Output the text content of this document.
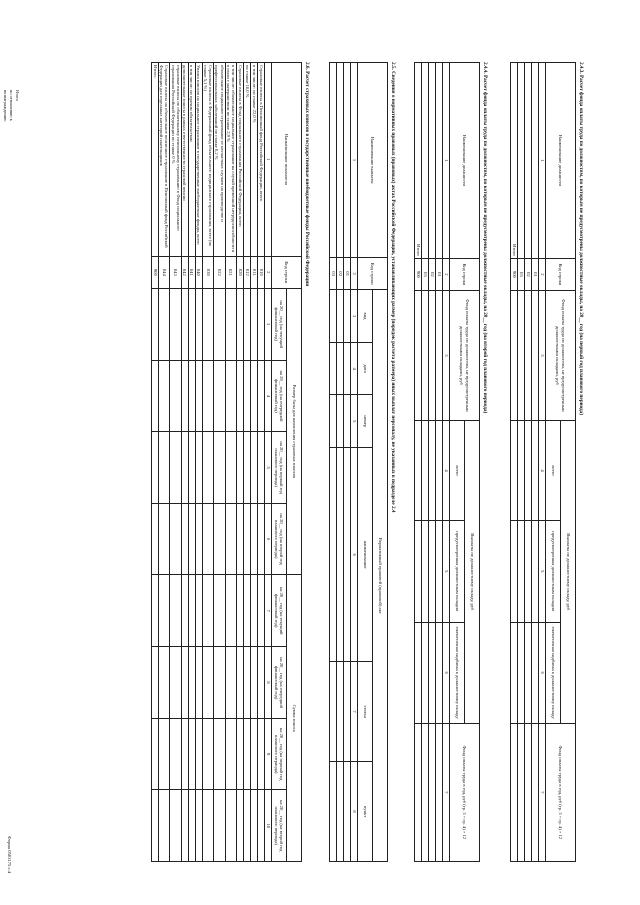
Форма 0503175 с.4
2.4.3. Расчет фонда оплаты труда по должностям, по которым не предусмотрены должностные оклады, на 20__ год (на первый год планового периода)
Наименование должности	Код строки	Фонд оплаты труда по должностям, не предусмотренным должностными окладами, руб	Выплаты по должностному окладу, руб			Фонд оплаты труда в год, руб (гр. 3 + гр. 4) × 12
			всего	предусмотренная должностным окладом	ежемесячная надбавка к должностному окладу	
1	2	3	4	5	6	7
	01					
	02					
	03					
Итого	900					
2.4.4. Расчет фонда оплаты труда по должностям, по которым не предусмотрены должностные оклады, на 20__ год (на второй год планового периода)
Наименование должности	Код строки	Фонд оплаты труда по должностям, не предусмотренным должностными окладами, руб	Выплаты по должностному окладу, руб			Фонд оплаты труда в год, руб (гр. 3 + гр. 4) × 12
			всего	предусмотренная должностным окладом	ежемесячная надбавка к должностному окладу	
1	2	3	4	5	6	7
	01					
	02					
	03					
Итого	900					
2.5. Сведения о нормативных правовых (правовых) актах Российской Федерации, устанавливающих размер (порядок расчета размера) иных выплат персоналу, не указанных в подразделе 2.4
Наименование выплаты	Код строки	Нормативный правовой (правовой) акт					
		вид	дата	номер	наименование	статья	пункт
1	2	3	4	5	6	7	8
	01						
	02						
	03						
2.6. Расчет страховых взносов в государственные внебюджетные фонды Российской Федерации
Наименование показателя	Код строки	Размер базы для начисления страховых взносов				Сумма взноса			
		на 20__ год (на текущий финансовый год)	на 20__ год (на очередной финансовый год)	на 20__ год (на первый год планового периода)	на 20__ год (на второй год планового периода)	на 20__ год (на текущий финансовый год)	на 20__ год (на очередной финансовый год)	на 20__ год (на первый год планового периода)	на 20__ год (на второй год планового периода)
1	2	3	4	5	6	7	8	9	10
Страховые взносы в Пенсионный фонд Российской Федерации, всего	010								
в том числе: по ставке 22,0 %	011								
по ставке 10,0 %	012								
Страховые взносы в Фонд социального страхования Российской Федерации, всего	020								
в том числе: обязательное социальное страхование на случай временной нетрудоспособности и в связи с материнством по ставке 2,9 %	021								
обязательное социальное страхование от несчастных случаев на производстве и профессиональных заболеваний по ставке 0,2 %	022								
Страховые взносы в Федеральный фонд обязательного медицинского страхования, всего (по ставке 5,1 %)	030								
Уплата взносов на социальное страхование в государственные внебюджетные фонды, всего	040								
в том числе: по прочим обязательствам	041								
дополнительные взносы в рамках ответственности страховой пенсии	042								
страховые взносы по обязательному пенсионному страхованию в Фонд социального страхования Российской Федерации по ставке 0 %	043								
Страховые взносы на обязательное пенсионное страхование в Пенсионный фонд Российской Федерации для отдельных категорий плательщиков	044								
Итого:	900								
Итого
по отношению к
вознаграждению
